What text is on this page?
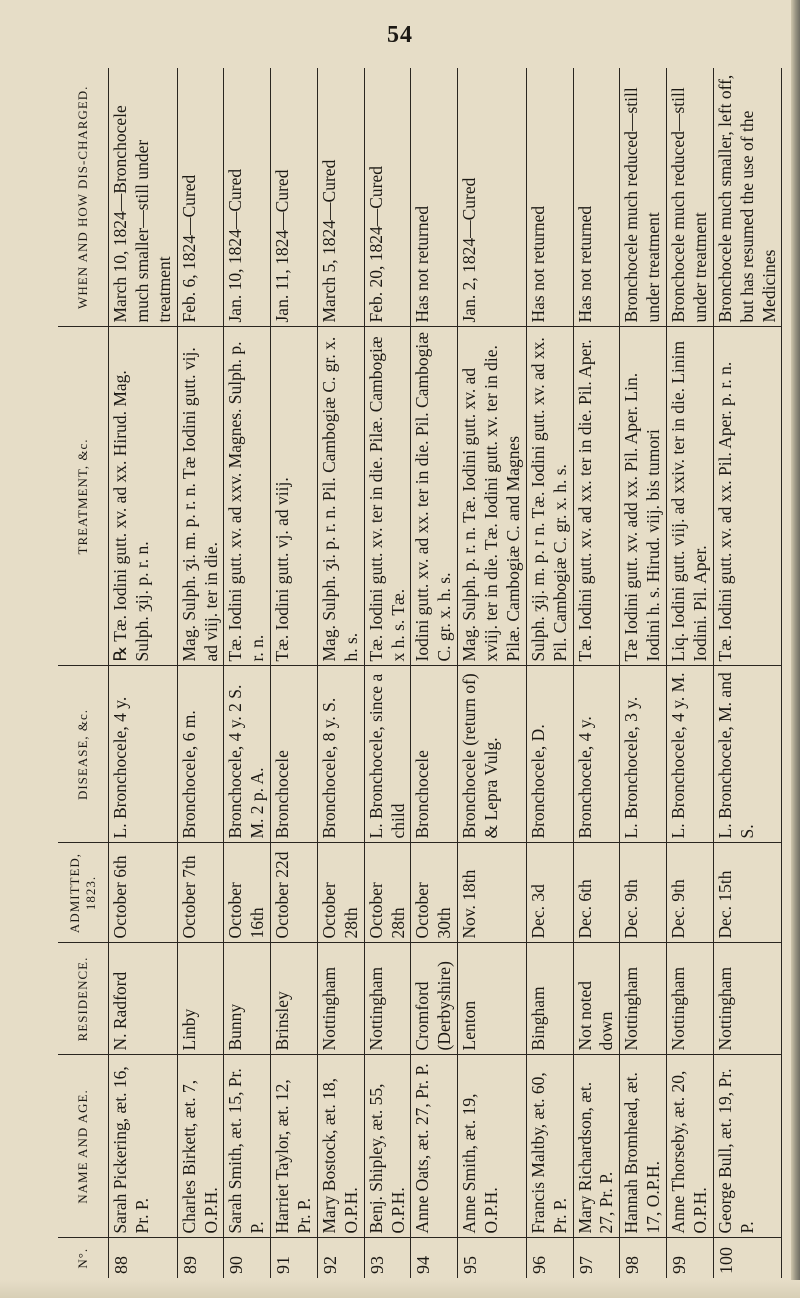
54
N°.	NAME AND AGE.	RESIDENCE.	ADMITTED, 1823.	DISEASE, &c.	TREATMENT, &c.	WHEN AND HOW DIS-CHARGED.
88	Sarah Pickering, æt. 16, Pr. P.	N. Radford	October 6th	L. Bronchocele, 4 y.	℞ Tæ. Iodini gutt. xv. ad xx. Hirud. Mag. Sulph. ʒij. p. r. n.	March 10, 1824—Bronchocele much smaller—still under treatment
89	Charles Birkett, æt. 7, O.P.H.	Linby	October 7th	Bronchocele, 6 m.	Mag. Sulph. ʒi. m. p. r. n. Tæ Iodini gutt. vij. ad viij. ter in die.	Feb. 6, 1824—Cured
90	Sarah Smith, æt. 15, Pr. P.	Bunny	October 16th	Bronchocele, 4 y. 2 S. M. 2 p. A.	Tæ. Iodini gutt. xv. ad xxv. Magnes. Sulph. p. r. n.	Jan. 10, 1824—Cured
91	Harriet Taylor, æt. 12, Pr. P.	Brinsley	October 22d	Bronchocele	Tæ. Iodini gutt. vj. ad viij.	Jan. 11, 1824—Cured
92	Mary Bostock, æt. 18, O.P.H.	Nottingham	October 28th	Bronchocele, 8 y. S.	Mag. Sulph. ʒi. p. r. n. Pil. Cambogiæ C. gr. x. h. s.	March 5, 1824—Cured
93	Benj. Shipley, æt. 55, O.P.H.	Nottingham	October 28th	L. Bronchocele, since a child	Tæ. Iodini gutt. xv. ter in die. Pilæ. Cambogiæ x h. s. Tæ.	Feb. 20, 1824—Cured
94	Anne Oats, æt. 27, Pr. P.	Cromford (Derbyshire)	October 30th	Bronchocele	Iodini gutt. xv. ad xx. ter in die. Pil. Cambogiæ C. gr. x. h. s.	Has not returned
95	Anne Smith, æt. 19, O.P.H.	Lenton	Nov. 18th	Bronchocele (return of) & Lepra Vulg.	Mag. Sulph. p. r. n. Tæ. Iodini gutt. xv. ad xviij. ter in die. Tæ. Iodini gutt. xv. ter in die. Pilæ. Cambogiæ C. and Magnes	Jan. 2, 1824—Cured
96	Francis Maltby, æt. 60, Pr. P.	Bingham	Dec. 3d	Bronchocele, D.	Sulph. ʒij. m. p. r n. Tæ. Iodini gutt. xv. ad xx. Pil. Cambogiæ C. gr. x. h. s.	Has not returned
97	Mary Richardson, æt. 27, Pr. P.	Not noted down	Dec. 6th	Bronchocele, 4 y.	Tæ. Iodini gutt. xv. ad xx. ter in die. Pil. Aper.	Has not returned
98	Hannah Bromhead, æt. 17, O.P.H.	Nottingham	Dec. 9th	L. Bronchocele, 3 y.	Tæ Iodini gutt. xv. add xx. Pil. Aper. Lin. Iodini h. s. Hirud. viij. bis tumori	Bronchocele much reduced—still under treatment
99	Anne Thorseby, æt. 20, O.P.H.	Nottingham	Dec. 9th	L. Bronchocele, 4 y. M.	Liq. Iodini gutt. viij. ad xxiv. ter in die. Linim Iodini. Pil. Aper.	Bronchocele much reduced—still under treatment
100	George Bull, æt. 19, Pr. P.	Nottingham	Dec. 15th	L. Bronchocele, M. and S.	Tæ. Iodini gutt. xv. ad xx. Pil. Aper. p. r. n.	Bronchocele much smaller, left off, but has resumed the use of the Medicines
